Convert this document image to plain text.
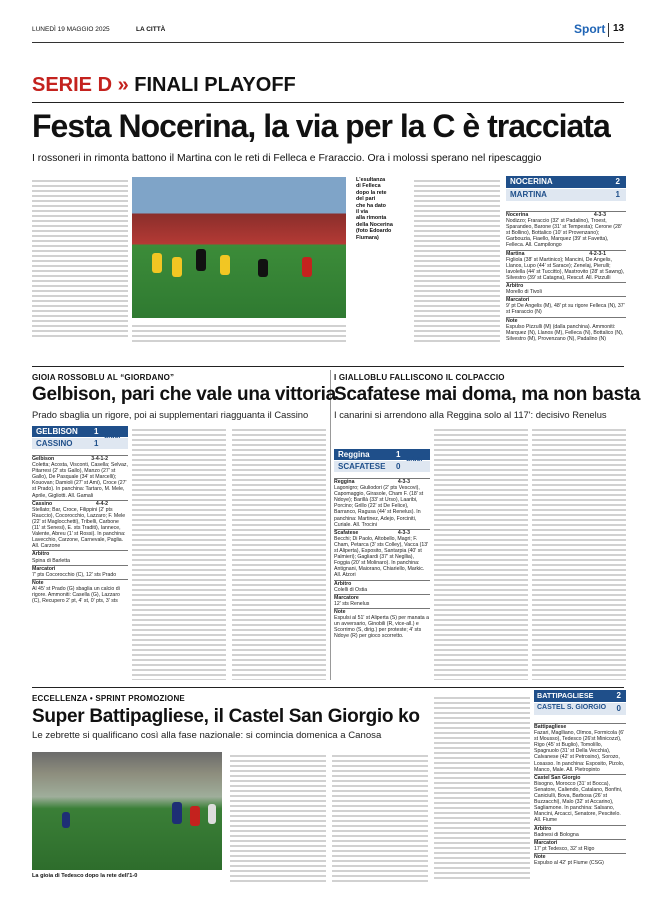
LUNEDÌ 19 MAGGIO 2025	LA CITTÀ	Sport 13
SERIE D » FINALI PLAYOFF
Festa Nocerina, la via per la C è tracciata
I rossoneri in rimonta battono il Martina con le reti di Felleca e Fraraccio. Ora i molossi sperano nel ripescaggio
L'esultanza
di Felleca
dopo la rete
del pari
che ha dato
il via
alla rimonta
della Nocerina
(foto Edoardo
Fiumara)
NOCERINA	2
MARTINA	1
Nocerina	4-3-3
Nodizzo; Fraraccio (32' st Padalino), Troest, Sparandeo, Barone (31' st Tempesta); Cerone (28' st Bollino), Bottalico (10' st Provenzano); Garbouzia, Fiaello, Marquez (39' st Favetta), Felleca. All. Campilongo
Martina	4-2-3-1
Figliola (38' st Martinico); Mancini, De Angelis, Llanos, Lupo (44' st Sarace); Zenelaj, Pierulli; Iavolella (44' st Tuccitto), Mastrovito (28' st Sawng), Silvestro (39' st Catagna), Rescuf. All. Pizzulli
Arbitro
Morello di Tivoli
Marcatori
9' pt De Angelis (M), 48' pt su rigore Felleca (N), 37' st Fraraccio (N)
Note
Espulso Pizzulli (M) (dalla panchina). Ammoniti: Marquez (N), Llanos (M), Felleca (N), Bottalico (N), Silvestro (M), Provenzano (N), Padalino (N)
GIOIA ROSSOBLU AL “GIORDANO”
Gelbison, pari che vale una vittoria
Prado sbaglia un rigore, poi ai supplementari riagguanta il Cassino
GELBISON 1
CASSINO	1
d.t.s.
Gelbison	3-4-1-2
Coletta; Acosta, Visconti, Casella; Selvaz, Pitarresi (2' sts Gallo), Manzo (27' st Gallo), De Pasquale (34' st Marcelli); Kouovan; Damioli (27' st Ami), Croce (27' st Prado). In panchina: Tartaro, M. Mele, Aprile, Gigliotti. All. Gamali
Cassino	4-4-2
Stellato; Bar, Croce, Filippini (2' pts Rauccio), Cocorocchio, Lazzaro; F. Mele (22' st Maglocchetti), Tribelli, Carbone (11' st Senesi), E. sts Traditi), Iannece, Valente, Abreu (1' st Rossi). In panchina: Lavecchio, Carzone, Carnevale, Paglia. All. Carzone
Arbitro
Spina di Barletta
Marcatori
7' pts Cocorocchio (C), 12' sts Prado
Note
Al 45' st Prado (G) sbaglia un calcio di rigore. Ammoniti: Casella (G), Lazzaro (C), Recupero 2' pt, 4' st, 0' pts, 3' sts
I GIALLOBLU FALLISCONO IL COLPACCIO
Scafatese mai doma, ma non basta
I canarini si arrendono alla Reggina solo al 117': decisivo Renelus
Reggina	1
SCAFATESE 0
d.t.s.
Reggina	4-3-3
Lagonigro; Giuliodori (2' pts Vescovi), Capomaggio, Girasole, Cham F. (18' st Ndoye); Barillà (33' st Urso), Laaribi, Porcino; Grillo (22' st De Felice), Barranco, Ragusa (44' st Renelus). In panchina: Martinez, Adejo, Forciniti, Curiale. All. Trocini
Scafatese	4-3-3
Becchi; Di Paolo, Altobello, Magri; F. Cham, Petarca (3' sts Colley), Vacca (13' st Aliperta), Esposito, Santarpia (40' st Palmieri); Gagliardi (37' st Negllia), Foggia (20' st Molinaro). In panchina: Antignani, Maiorano, Chiariello, Markic. All. Atzori
Arbitro
Colelli di Ostia
Marcatore
12' sts Renelus
Note
Espulsi al 51' st Aliperta (S) per manata a un avversario, Ginobili (R, vice-all.) e Scorrimo (S, dirig.) per proteste; 4' sts Ndoye (R) per gioco scorretto.
ECCELLENZA • SPRINT PROMOZIONE
Super Battipagliese, il Castel San Giorgio ko
Le zebrette si qualificano così alla fase nazionale: si comincia domenica a Canosa
La gioia di Tedesco dopo la rete dell'1-0
BATTIPAGLIESE	2
CASTEL S. GIORGIO 0
Battipagliese
Fazari, Maglliano, Olmos, Formicola (6' st Mousso), Tedesco (26'st Minicozzi), Rigo (45' st Buglio), Tomolillo, Spagnuolo (31' st Della Vecchia), Calvanese (42' st Petrosino), Sorozo, Losasso. In panchina: Esposito, Pizolo, Manco, Male. All. Pietropinto
Castel San Giorgio
Bisogno, Morocco (31' st Bocca), Senatore, Caliendo, Catalano, Bonfini, Caniciulli, Bova, Barbosa (26' st Buzzacchi), Malo (32' st Accarino), Sagliamone. In panchina: Salsano, Mancini, Arcacci, Senatore, Pescitelo. All. Fiume
Arbitro
Badnesi di Bologna
Marcatori
17' pt Tedesco, 32' st Rigo
Note
Espulso al 42' pt Fiume (CSG)
